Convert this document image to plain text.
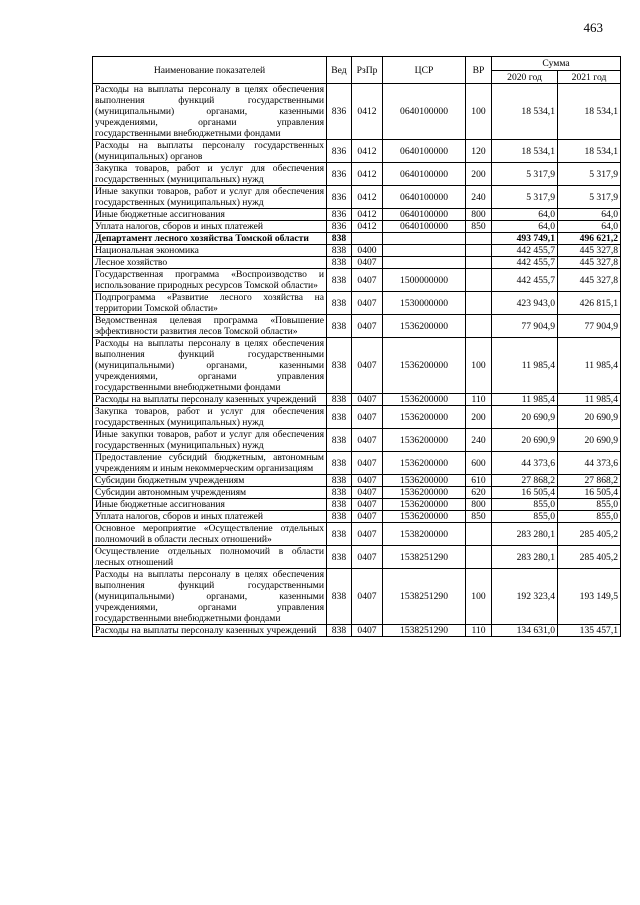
463
Наименование показателей	Вед	РзПр	ЦСР	ВР	Сумма	
					2020 год	2021 год
Расходы на выплаты персоналу в целях обеспечения выполнения функций государственными (муниципальными) органами, казенными учреждениями, органами управления государственными внебюджетными фондами	836	0412	0640100000	100	18 534,1	18 534,1
Расходы на выплаты персоналу государственных (муниципальных) органов	836	0412	0640100000	120	18 534,1	18 534,1
Закупка товаров, работ и услуг для обеспечения государственных (муниципальных) нужд	836	0412	0640100000	200	5 317,9	5 317,9
Иные закупки товаров, работ и услуг для обеспечения государственных (муниципальных) нужд	836	0412	0640100000	240	5 317,9	5 317,9
Иные бюджетные ассигнования	836	0412	0640100000	800	64,0	64,0
Уплата налогов, сборов и иных платежей	836	0412	0640100000	850	64,0	64,0
Департамент лесного хозяйства Томской области	838				493 749,1	496 621,2
Национальная экономика	838	0400			442 455,7	445 327,8
Лесное хозяйство	838	0407			442 455,7	445 327,8
Государственная программа «Воспроизводство и использование природных ресурсов Томской области»	838	0407	1500000000		442 455,7	445 327,8
Подпрограмма «Развитие лесного хозяйства на территории Томской области»	838	0407	1530000000		423 943,0	426 815,1
Ведомственная целевая программа «Повышение эффективности развития лесов Томской области»	838	0407	1536200000		77 904,9	77 904,9
Расходы на выплаты персоналу в целях обеспечения выполнения функций государственными (муниципальными) органами, казенными учреждениями, органами управления государственными внебюджетными фондами	838	0407	1536200000	100	11 985,4	11 985,4
Расходы на выплаты персоналу казенных учреждений	838	0407	1536200000	110	11 985,4	11 985,4
Закупка товаров, работ и услуг для обеспечения государственных (муниципальных) нужд	838	0407	1536200000	200	20 690,9	20 690,9
Иные закупки товаров, работ и услуг для обеспечения государственных (муниципальных) нужд	838	0407	1536200000	240	20 690,9	20 690,9
Предоставление субсидий бюджетным, автономным учреждениям и иным некоммерческим организациям	838	0407	1536200000	600	44 373,6	44 373,6
Субсидии бюджетным учреждениям	838	0407	1536200000	610	27 868,2	27 868,2
Субсидии автономным учреждениям	838	0407	1536200000	620	16 505,4	16 505,4
Иные бюджетные ассигнования	838	0407	1536200000	800	855,0	855,0
Уплата налогов, сборов и иных платежей	838	0407	1536200000	850	855,0	855,0
Основное мероприятие «Осуществление отдельных полномочий в области лесных отношений»	838	0407	1538200000		283 280,1	285 405,2
Осуществление отдельных полномочий в области лесных отношений	838	0407	1538251290		283 280,1	285 405,2
Расходы на выплаты персоналу в целях обеспечения выполнения функций государственными (муниципальными) органами, казенными учреждениями, органами управления государственными внебюджетными фондами	838	0407	1538251290	100	192 323,4	193 149,5
Расходы на выплаты персоналу казенных учреждений	838	0407	1538251290	110	134 631,0	135 457,1
